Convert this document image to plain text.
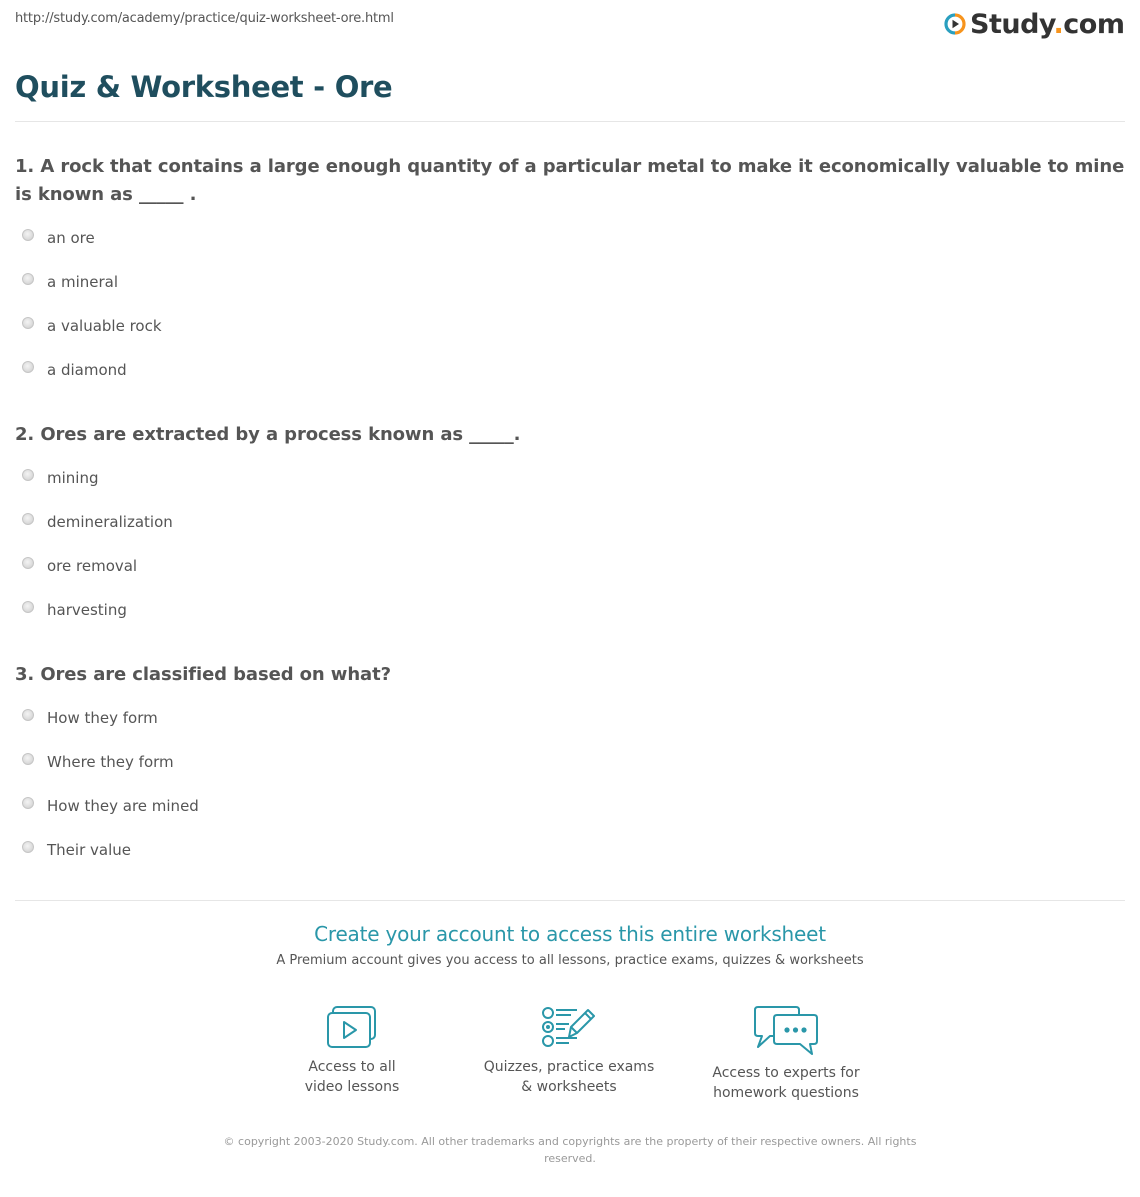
http://study.com/academy/practice/quiz-worksheet-ore.html	Study.com
Quiz & Worksheet - Ore
1. A rock that contains a large enough quantity of a particular metal to make it economically valuable to mine is known as _____ .
an ore
a mineral
a valuable rock
a diamond
2. Ores are extracted by a process known as _____.
mining
demineralization
ore removal
harvesting
3. Ores are classified based on what?
How they form
Where they form
How they are mined
Their value
Create your account to access this entire worksheet
A Premium account gives you access to all lessons, practice exams, quizzes & worksheets
Access to all
video lessons
Quizzes, practice exams
& worksheets
Access to experts for
homework questions
© copyright 2003-2020 Study.com. All other trademarks and copyrights are the property of their respective owners. All rights reserved.
